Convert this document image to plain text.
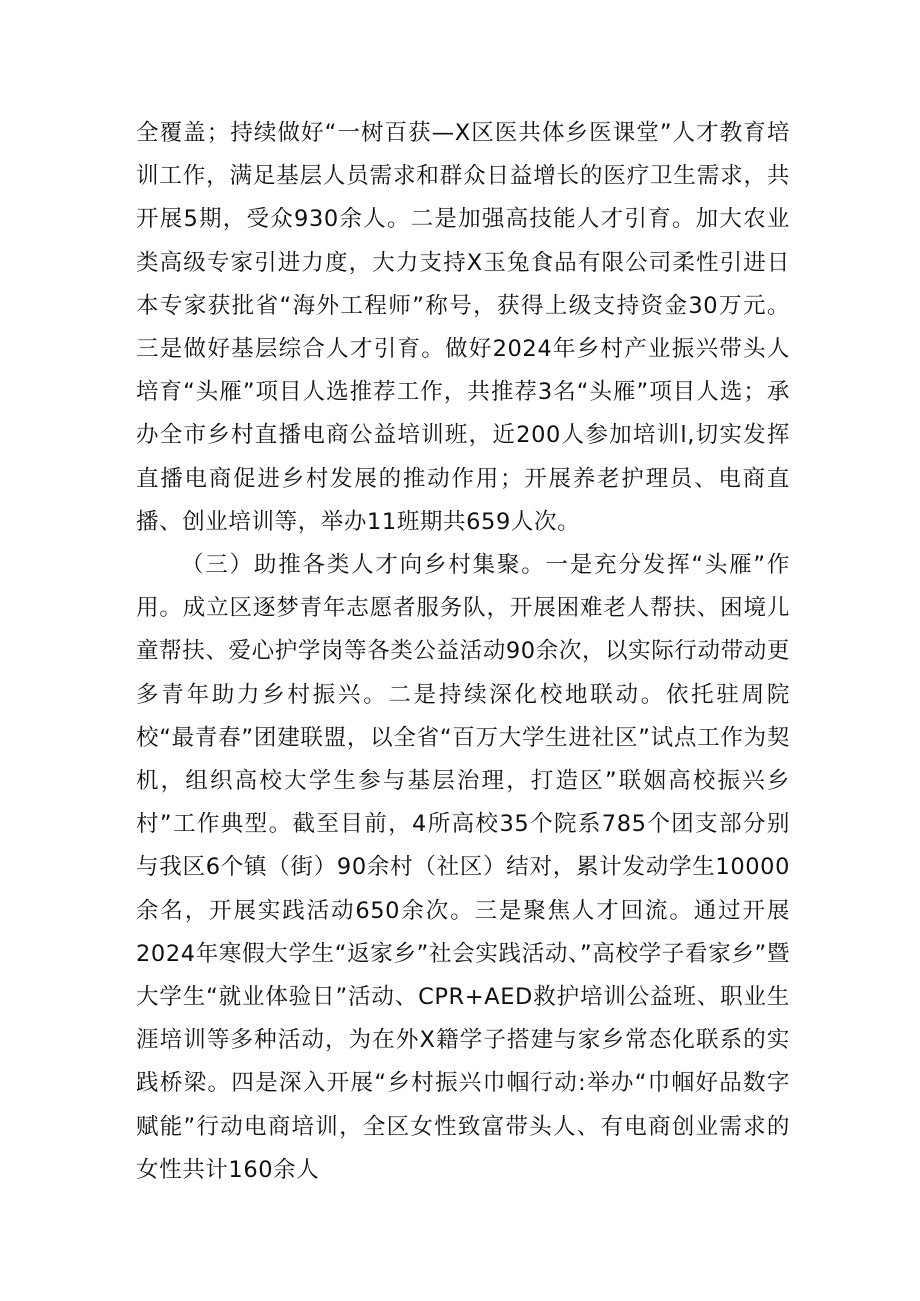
全覆盖；持续做好“一树百获—X区医共体乡医课堂”人才教育培训工作，满足基层人员需求和群众日益增长的医疗卫生需求，共开展5期，受众930余人。二是加强高技能人才引育。加大农业类高级专家引进力度，大力支持X玉兔食品有限公司柔性引进日本专家获批省“海外工程师”称号，获得上级支持资金30万元。三是做好基层综合人才引育。做好2024年乡村产业振兴带头人培育“头雁”项目人选推荐工作，共推荐3名“头雁”项目人选；承办全市乡村直播电商公益培训班，近200人参加培训l,切实发挥直播电商促进乡村发展的推动作用；开展养老护理员、电商直播、创业培训等，举办11班期共659人次。

（三）助推各类人才向乡村集聚。一是充分发挥“头雁”作用。成立区逐梦青年志愿者服务队，开展困难老人帮扶、困境儿童帮扶、爱心护学岗等各类公益活动90余次，以实际行动带动更多青年助力乡村振兴。二是持续深化校地联动。依托驻周院校“最青春”团建联盟，以全省“百万大学生进社区”试点工作为契机，组织高校大学生参与基层治理，打造区”联姻高校振兴乡村”工作典型。截至目前，4所高校35个院系785个团支部分别与我区6个镇（街）90余村（社区）结对，累计发动学生10000余名，开展实践活动650余次。三是聚焦人才回流。通过开展2024年寒假大学生“返家乡”社会实践活动、”高校学子看家乡”暨大学生“就业体验日”活动、CPR+AED救护培训公益班、职业生涯培训等多种活动，为在外X籍学子搭建与家乡常态化联系的实践桥梁。四是深入开展“乡村振兴巾帼行动:举办“巾帼好品数字赋能”行动电商培训，全区女性致富带头人、有电商创业需求的女性共计160余人
